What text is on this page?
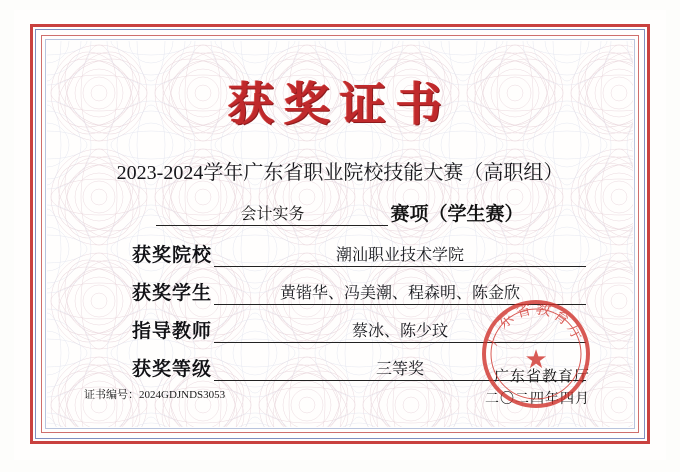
获奖证书
2023-2024学年广东省职业院校技能大赛（高职组）
会计实务	赛项（学生赛）
获奖院校	潮汕职业技术学院
获奖学生	黄锴华、冯美潮、程森明、陈金欣
指导教师	蔡冰、陈少玟
获奖等级	三等奖
证书编号：2024GDJNDS3053
广东省教育厅
二〇二四年四月
广东省教育厅
★
